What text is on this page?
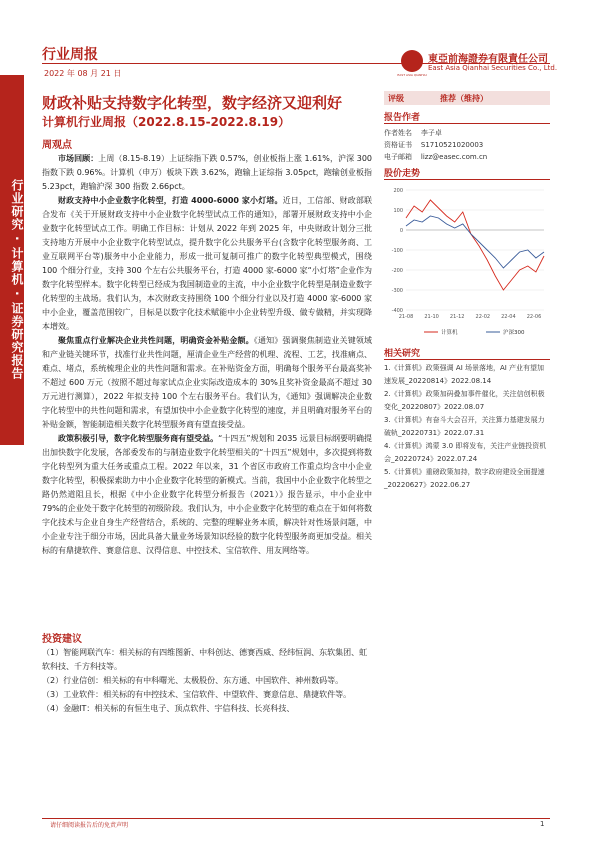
行业周报
2022 年 08 月 21 日	EAST ASIA QIANHAI
東亞前海證券有限責任公司
East Asia Qianhai Securities Co., Ltd.
行业研究 · 计算机 · 证券研究报告
财政补贴支持数字化转型，数字经济又迎利好
计算机行业周报（2022.8.15-2022.8.19）
周观点

市场回顾：上周（8.15-8.19）上证综指下跌 0.57%，创业板指上涨 1.61%，沪深 300 指数下跌 0.96%。计算机（申万）板块下跌 3.62%，跑输上证综指 3.05pct，跑输创业板指 5.23pct，跑输沪深 300 指数 2.66pct。

财政支持中小企业数字化转型，打造 4000-6000 家小灯塔。近日，工信部、财政部联合发布《关于开展财政支持中小企业数字化转型试点工作的通知》，部署开展财政支持中小企业数字化转型试点工作。明确工作目标：计划从 2022 年到 2025 年，中央财政计划分三批支持地方开展中小企业数字化转型试点，提升数字化公共服务平台(含数字化转型服务商、工业互联网平台等)服务中小企业能力，形成一批可复制可推广的数字化转型典型模式，围绕 100 个细分行业，支持 300 个左右公共服务平台，打造 4000 家-6000 家“小灯塔”企业作为数字化转型样本。数字化转型已经成为我国制造业的主流，中小企业数字化转型是制造业数字化转型的主战场。我们认为，本次财政支持围绕 100 个细分行业以及打造 4000 家-6000 家中小企业，覆盖范围较广，目标是以数字化技术赋能中小企业转型升级、做专做精，并实现降本增效。

聚焦重点行业解决企业共性问题，明确资金补贴金额。《通知》强调聚焦制造业关键领域和产业链关键环节，找准行业共性问题，厘清企业生产经营的机理、流程、工艺，找准痛点、难点、堵点，系统梳理企业的共性问题和需求。在补贴资金方面，明确每个服务平台最高奖补不超过 600 万元（按照不超过每家试点企业实际改造成本的 30%且奖补资金最高不超过 30 万元进行测算），2022 年拟支持 100 个左右服务平台。我们认为，《通知》强调解决企业数字化转型中的共性问题和需求，有望加快中小企业数字化转型的速度，并且明确对服务平台的补贴金额，智能制造相关数字化转型服务商有望直接受益。

政策积极引导，数字化转型服务商有望受益。“十四五”规划和 2035 远景目标纲要明确提出加快数字化发展，各部委发布的与制造业数字化转型相关的“十四五”规划中，多次提到将数字化转型列为重大任务或重点工程。2022 年以来，31 个省区市政府工作重点均含中小企业数字化转型，积极探索助力中小企业数字化转型的新模式。当前，我国中小企业数字化转型之路仍然道阻且长，根据《中小企业数字化转型分析报告（2021）》报告显示，中小企业中 79%的企业处于数字化转型的初级阶段。我们认为，中小企业数字化转型的难点在于如何将数字化技术与企业自身生产经营结合，系统的、完整的理解业务本质，解决针对性场景问题，中小企业专注于细分市场，因此具备大量业务场景知识经验的数字化转型服务商更加受益。相关标的有鼎捷软件、赛意信息、汉得信息、中控技术、宝信软件、用友网络等。

投资建议
（1）智能网联汽车：相关标的有四维图新、中科创达、德赛西威、经纬恒润、东软集团、虹软科技、千方科技等。
（2）行业信创：相关标的有中科曙光、太极股份、东方通、中国软件、神州数码等。
（3）工业软件：相关标的有中控技术、宝信软件、中望软件、赛意信息、鼎捷软件等。
（4）金融IT：相关标的有恒生电子、顶点软件、宇信科技、长亮科技、
评级	推荐（维持）
报告作者
作者姓名 李子卓
资格证书 S1710521020003
电子邮箱 lizz@easec.com.cn
股价走势
-400
-300
-200
-100
0
100
200
21-08 21-10 21-12 22-02 22-04 22-06
计算机	沪深300
相关研究
1.《计算机》政策强调 AI 场景落地，AI 产业有望加速发展_20220814》2022.08.14
2.《计算机》政策加码叠加事件催化，关注信创积极变化_20220807》2022.08.07
3.《计算机》有奋斗大会召开，关注算力基建发展力破轨_20220731》2022.07.31
4.《计算机》鸿蒙 3.0 即将发布，关注产业链投资机会_20220724》2022.07.24
5.《计算机》重磅政策加持，数字政府建设全面提速_20220627》2022.06.27
请仔细阅读报告后的免责声明	1
